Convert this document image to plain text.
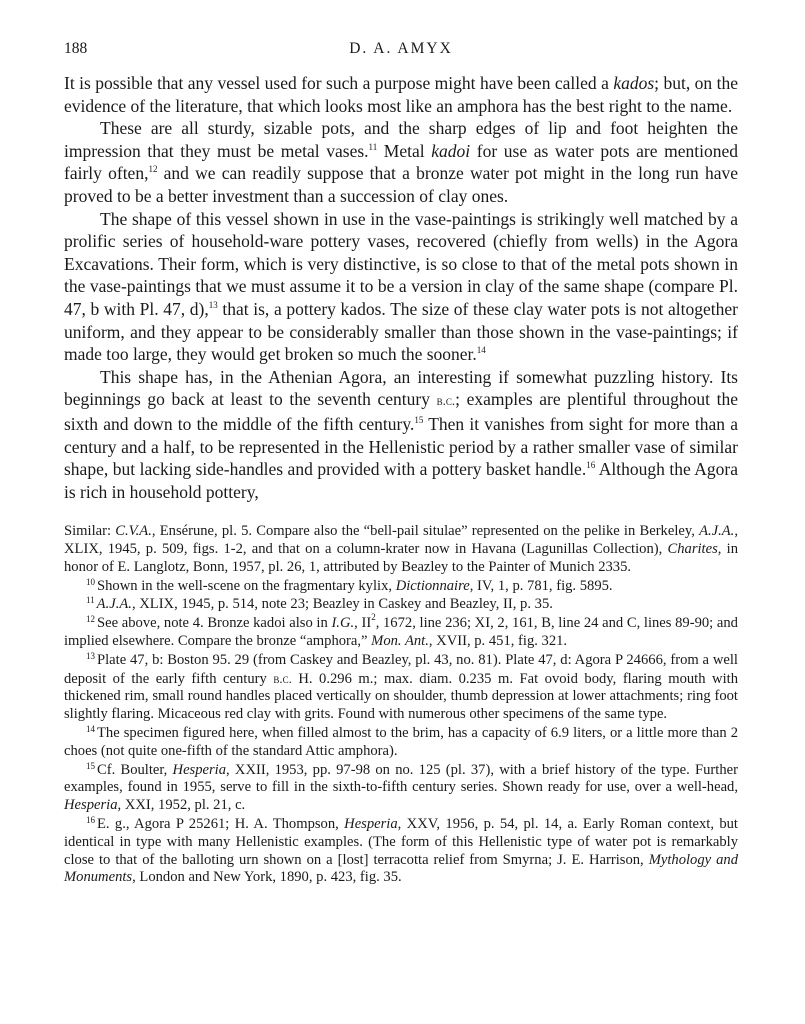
188	D. A. AMYX

It is possible that any vessel used for such a purpose might have been called a kados; but, on the evidence of the literature, that which looks most like an amphora has the best right to the name.

These are all sturdy, sizable pots, and the sharp edges of lip and foot heighten the impression that they must be metal vases.$^{11}$ Metal kadoi for use as water pots are mentioned fairly often,$^{12}$ and we can readily suppose that a bronze water pot might in the long run have proved to be a better investment than a succession of clay ones.

The shape of this vessel shown in use in the vase-paintings is strikingly well matched by a prolific series of household-ware pottery vases, recovered (chiefly from wells) in the Agora Excavations. Their form, which is very distinctive, is so close to that of the metal pots shown in the vase-paintings that we must assume it to be a version in clay of the same shape (compare Pl. 47, b with Pl. 47, d),$^{13}$ that is, a pottery kados. The size of these clay water pots is not altogether uniform, and they appear to be considerably smaller than those shown in the vase-paintings; if made too large, they would get broken so much the sooner.$^{14}$

This shape has, in the Athenian Agora, an interesting if somewhat puzzling history. Its beginnings go back at least to the seventh century b.c.; examples are plentiful throughout the sixth and down to the middle of the fifth century.$^{15}$ Then it vanishes from sight for more than a century and a half, to be represented in the Hellenistic period by a rather smaller vase of similar shape, but lacking side-handles and provided with a pottery basket handle.$^{16}$ Although the Agora is rich in household pottery,

Similar: C.V.A., Ensérune, pl. 5. Compare also the “bell-pail situlae” represented on the pelike in Berkeley, A.J.A., XLIX, 1945, p. 509, figs. 1-2, and that on a column-krater now in Havana (Lagunillas Collection), Charites, in honor of E. Langlotz, Bonn, 1957, pl. 26, 1, attributed by Beazley to the Painter of Munich 2335.

$^{10}$ Shown in the well-scene on the fragmentary kylix, Dictionnaire, IV, 1, p. 781, fig. 5895.

$^{11}$ A.J.A., XLIX, 1945, p. 514, note 23; Beazley in Caskey and Beazley, II, p. 35.

$^{12}$ See above, note 4. Bronze kadoi also in I.G., $II^2$, 1672, line 236; XI, 2, 161, B, line 24 and C, lines 89-90; and implied elsewhere. Compare the bronze “amphora,” Mon. Ant., XVII, p. 451, fig. 321.

$^{13}$ Plate 47, b: Boston 95. 29 (from Caskey and Beazley, pl. 43, no. 81). Plate 47, d: Agora P 24666, from a well deposit of the early fifth century b.c. H. 0.296 m.; max. diam. 0.235 m. Fat ovoid body, flaring mouth with thickened rim, small round handles placed vertically on shoulder, thumb depression at lower attachments; ring foot slightly flaring. Micaceous red clay with grits. Found with numerous other specimens of the same type.

$^{14}$ The specimen figured here, when filled almost to the brim, has a capacity of 6.9 liters, or a little more than 2 choes (not quite one-fifth of the standard Attic amphora).

$^{15}$ Cf. Boulter, Hesperia, XXII, 1953, pp. 97-98 on no. 125 (pl. 37), with a brief history of the type. Further examples, found in 1955, serve to fill in the sixth-to-fifth century series. Shown ready for use, over a well-head, Hesperia, XXI, 1952, pl. 21, c.

$^{16}$ E. g., Agora P 25261; H. A. Thompson, Hesperia, XXV, 1956, p. 54, pl. 14, a. Early Roman context, but identical in type with many Hellenistic examples. (The form of this Hellenistic type of water pot is remarkably close to that of the balloting urn shown on a [lost] terracotta relief from Smyrna; J. E. Harrison, Mythology and Monuments, London and New York, 1890, p. 423, fig. 35.
